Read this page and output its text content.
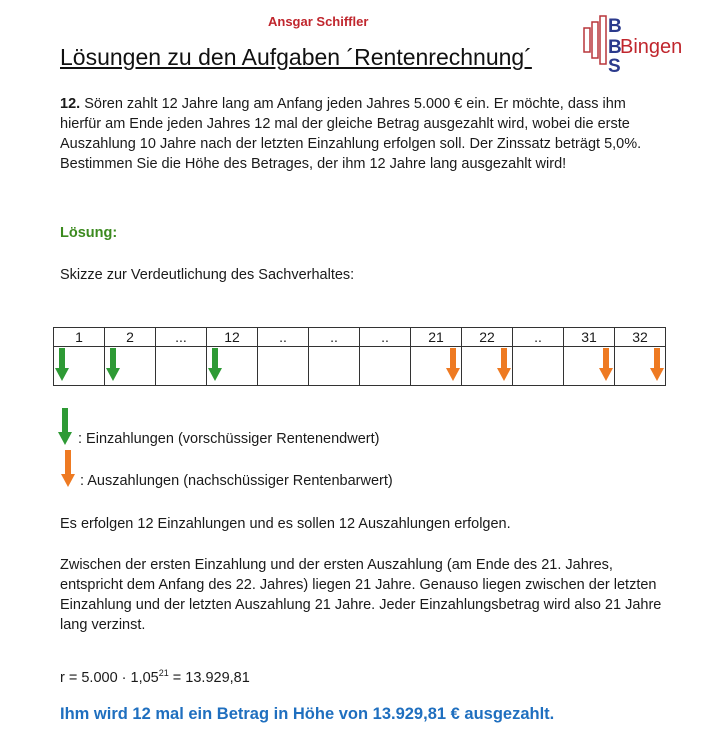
Ansgar Schiffler
Lösungen zu den Aufgaben ´Rentenrechnung´
B
B
S
Bingen
12. Sören zahlt 12 Jahre lang am Anfang jeden Jahres 5.000 € ein. Er möchte, dass ihm hierfür am Ende jeden Jahres 12 mal der gleiche Betrag ausgezahlt wird, wobei die erste Auszahlung 10 Jahre nach der letzten Einzahlung erfolgen soll. Der Zinssatz beträgt 5,0%. Bestimmen Sie die Höhe des Betrages, der ihm 12 Jahre lang ausgezahlt wird!
Lösung:
Skizze zur Verdeutlichung des Sachverhaltes:
1	2	...	12	..	..	..	21	22	..	31	32

: Einzahlungen (vorschüssiger Rentenendwert)
: Auszahlungen (nachschüssiger Rentenbarwert)
Es erfolgen 12 Einzahlungen und es sollen 12 Auszahlungen erfolgen.
Zwischen der ersten Einzahlung und der ersten Auszahlung (am Ende des 21. Jahres, entspricht dem Anfang des 22. Jahres) liegen 21 Jahre. Genauso liegen zwischen der letzten Einzahlung und der letzten Auszahlung 21 Jahre. Jeder Einzahlungsbetrag wird also 21 Jahre lang verzinst.
$r = 5.000 \cdot 1,05^{21} = 13.929,81$
Ihm wird 12 mal ein Betrag in Höhe von 13.929,81 € ausgezahlt.
